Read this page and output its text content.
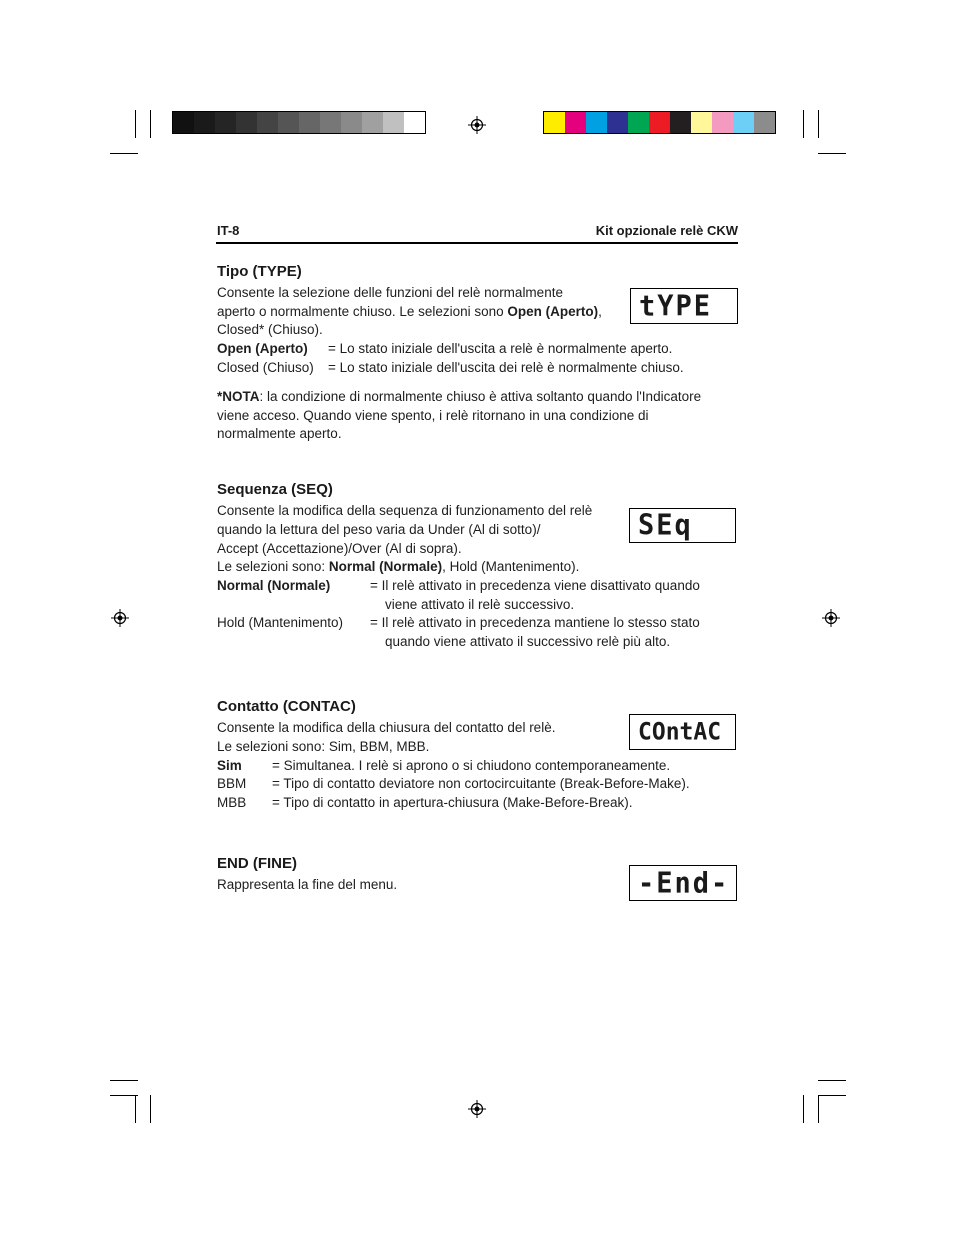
IT-8	Kit opzionale relè CKW
Tipo (TYPE)
Consente la selezione delle funzioni del relè normalmente
aperto o normalmente chiuso. Le selezioni sono Open (Aperto),
Closed* (Chiuso).
Open (Aperto) = Lo stato iniziale dell'uscita a relè è normalmente aperto.
Closed (Chiuso) = Lo stato iniziale dell'uscita dei relè è normalmente chiuso.
*NOTA: la condizione di normalmente chiuso è attiva soltanto quando l'Indicatore
viene acceso. Quando viene spento, i relè ritornano in una condizione di
normalmente aperto.
tYPE
Sequenza (SEQ)
Consente la modifica della sequenza di funzionamento del relè
quando la lettura del peso varia da Under (Al di sotto)/
Accept (Accettazione)/Over (Al di sopra).
Le selezioni sono: Normal (Normale), Hold (Mantenimento).
Normal (Normale)	= Il relè attivato in precedenza viene disattivato quando
viene attivato il relè successivo.
Hold (Mantenimento) = Il relè attivato in precedenza mantiene lo stesso stato
quando viene attivato il successivo relè più alto.
SEq
Contatto (CONTAC)
Consente la modifica della chiusura del contatto del relè.
Le selezioni sono: Sim, BBM, MBB.
Sim = Simultanea. I relè si aprono o si chiudono contemporaneamente.
BBM = Tipo di contatto deviatore non cortocircuitante (Break-Before-Make).
MBB = Tipo di contatto in apertura-chiusura (Make-Before-Break).
COntAC
END (FINE)
Rappresenta la fine del menu.	-End-
